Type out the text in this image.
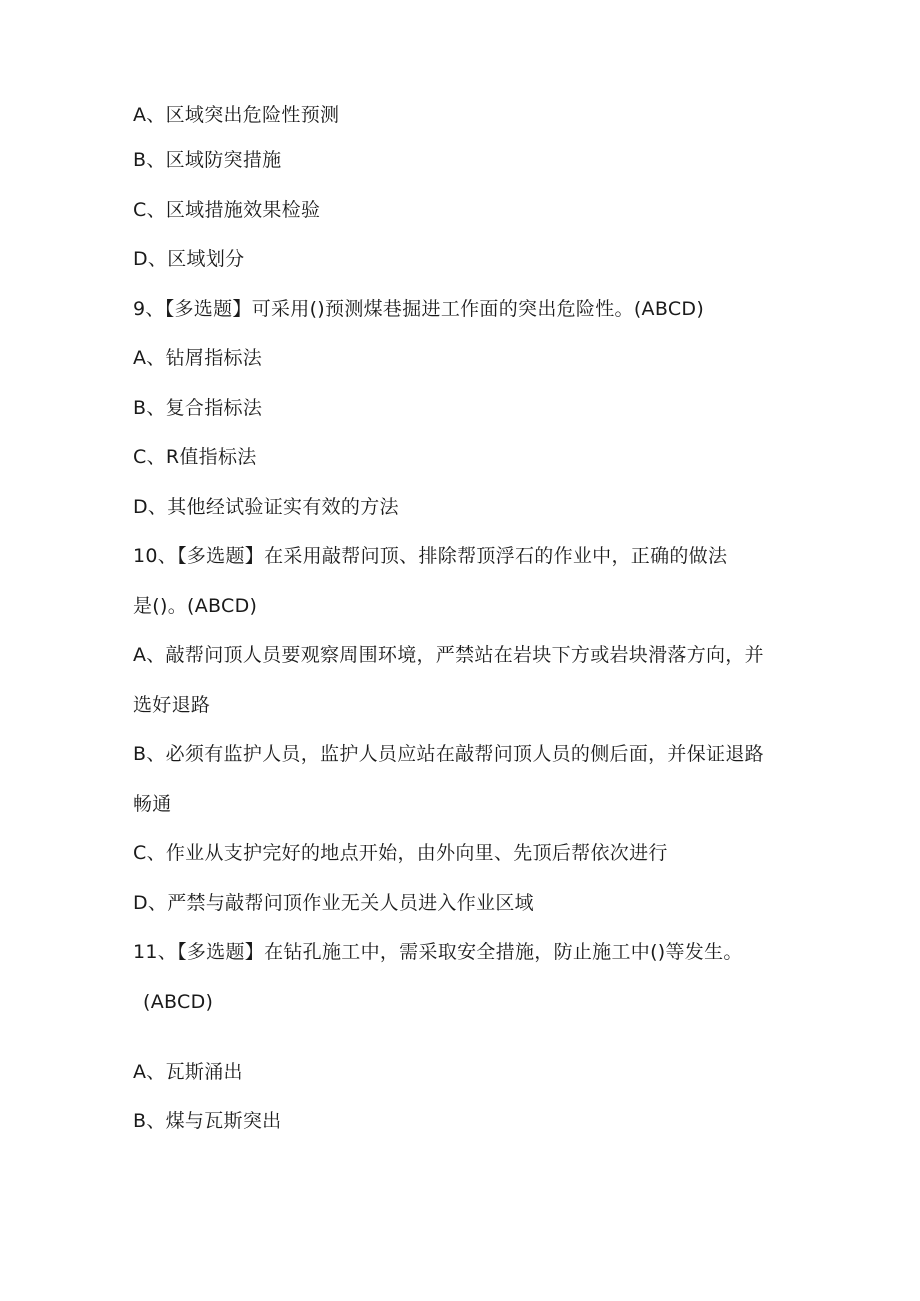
A、区域突出危险性预测
B、区域防突措施
C、区域措施效果检验
D、区域划分
9、【多选题】可采用()预测煤巷掘进工作面的突出危险性。(ABCD)
A、钻屑指标法
B、复合指标法
C、R值指标法
D、其他经试验证实有效的方法
10、【多选题】在采用敲帮问顶、排除帮顶浮石的作业中，正确的做法
是()。(ABCD)
A、敲帮问顶人员要观察周围环境，严禁站在岩块下方或岩块滑落方向，并
选好退路
B、必须有监护人员，监护人员应站在敲帮问顶人员的侧后面，并保证退路
畅通
C、作业从支护完好的地点开始，由外向里、先顶后帮依次进行
D、严禁与敲帮问顶作业无关人员进入作业区域
11、【多选题】在钻孔施工中，需采取安全措施，防止施工中()等发生。
(ABCD)
A、瓦斯涌出
B、煤与瓦斯突出
